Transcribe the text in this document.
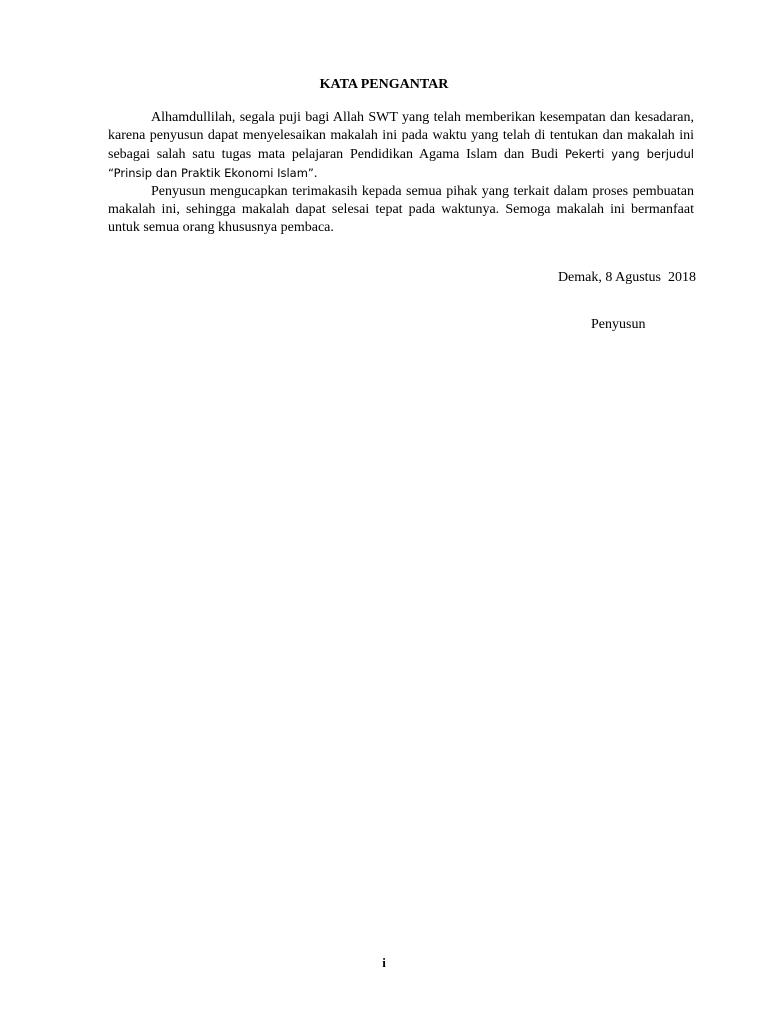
KATA PENGANTAR

Alhamdullilah, segala puji bagi Allah SWT yang telah memberikan kesempatan dan kesadaran, karena penyusun dapat menyelesaikan makalah ini pada waktu yang telah di tentukan dan makalah ini sebagai salah satu tugas mata pelajaran Pendidikan Agama Islam dan Budi Pekerti yang berjudul “Prinsip dan Praktik Ekonomi Islam”.

Penyusun mengucapkan terimakasih kepada semua pihak yang terkait dalam proses pembuatan makalah ini, sehingga makalah dapat selesai tepat pada waktunya. Semoga makalah ini bermanfaat untuk semua orang khususnya pembaca.

Demak, 8 Agustus  2018
Penyusun
i
